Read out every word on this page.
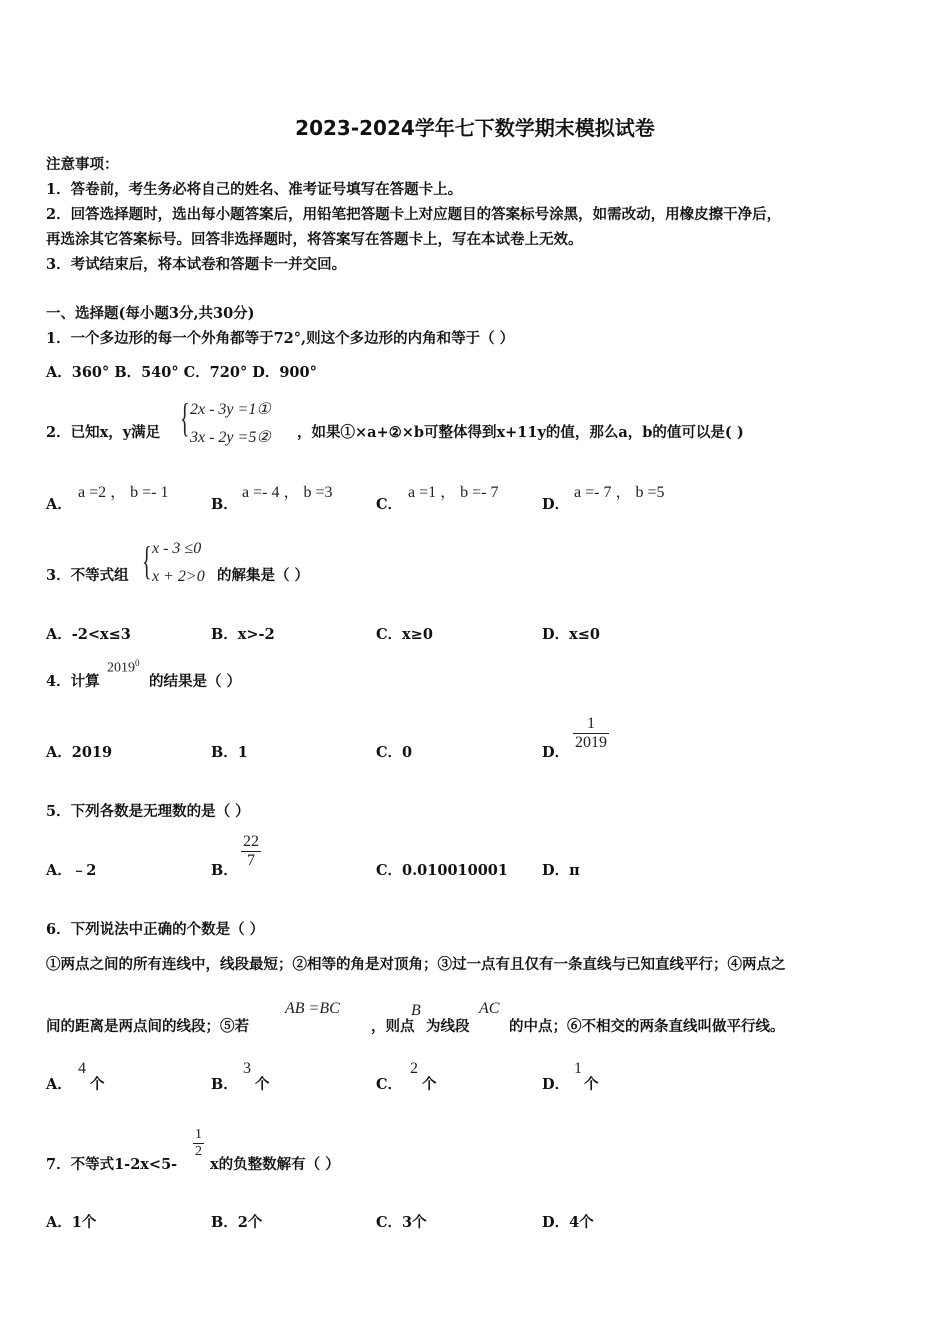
2023-2024学年七下数学期末模拟试卷
注意事项：
1．答卷前，考生务必将自己的姓名、准考证号填写在答题卡上。
2．回答选择题时，选出每小题答案后，用铅笔把答题卡上对应题目的答案标号涂黑，如需改动，用橡皮擦干净后，
再选涂其它答案标号。回答非选择题时，将答案写在答题卡上，写在本试卷上无效。
3．考试结束后，将本试卷和答题卡一并交回。
一、选择题(每小题3分,共30分)
1．一个多边形的每一个外角都等于72°,则这个多边形的内角和等于（ ）
A．360° B．540° C．720° D．900°
2．已知x，y满足 { 2x - 3y =1①
3x - 2y =5② ，如果①×a+②×b可整体得到x+11y的值，那么a，b的值可以是( )
A．
a =2 ， b =- 1
B．
a =- 4 ， b =3
C．
a =1 ， b =- 7
D．
a =- 7 ， b =5
3．不等式组 { x - 3 ≤0
x + 2>0 的解集是（ ）
A．-2<x≤3	B．x>-2	C．x≥0	D．x≤0
4．计算
2019$^0$
的结果是（ ）
A．2019	B．1	C．0	D．
$\frac{1}{2019}$
5．下列各数是无理数的是（ ）
A．﹣2	B．
$\frac{22}{7}$
C．0.010010001 D．π
6．下列说法中正确的个数是（ ）
①两点之间的所有连线中，线段最短；②相等的角是对顶角；③过一点有且仅有一条直线与已知直线平行；④两点之
间的距离是两点间的线段；⑤若
AB =BC
，则点
B
为线段
AC
的中点；⑥不相交的两条直线叫做平行线。
A．
4
个	B．
3
个	C．
2
个	D．
1
个
7．不等式1-2x<5-
$\frac{1}{2}$
x的负整数解有（ ）
A．1个	B．2个	C．3个	D．4个
